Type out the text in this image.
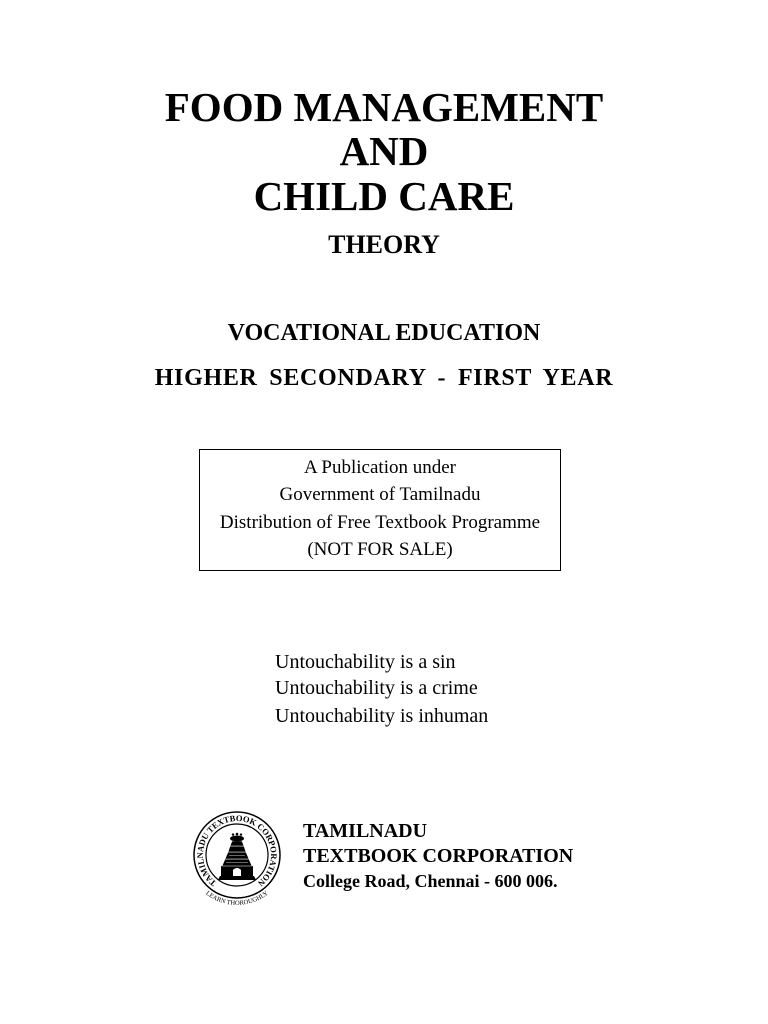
FOOD MANAGEMENT
AND
CHILD CARE
THEORY
VOCATIONAL EDUCATION
HIGHER SECONDARY - FIRST YEAR
A Publication under
Government of Tamilnadu
Distribution of Free Textbook Programme
(NOT FOR SALE)
Untouchability is a sin
Untouchability is a crime
Untouchability is inhuman
TAMILNADU TEXTBOOK CORPORATION
LEARN THOROUGHLY
TAMILNADU
TEXTBOOK CORPORATION
College Road, Chennai - 600 006.
